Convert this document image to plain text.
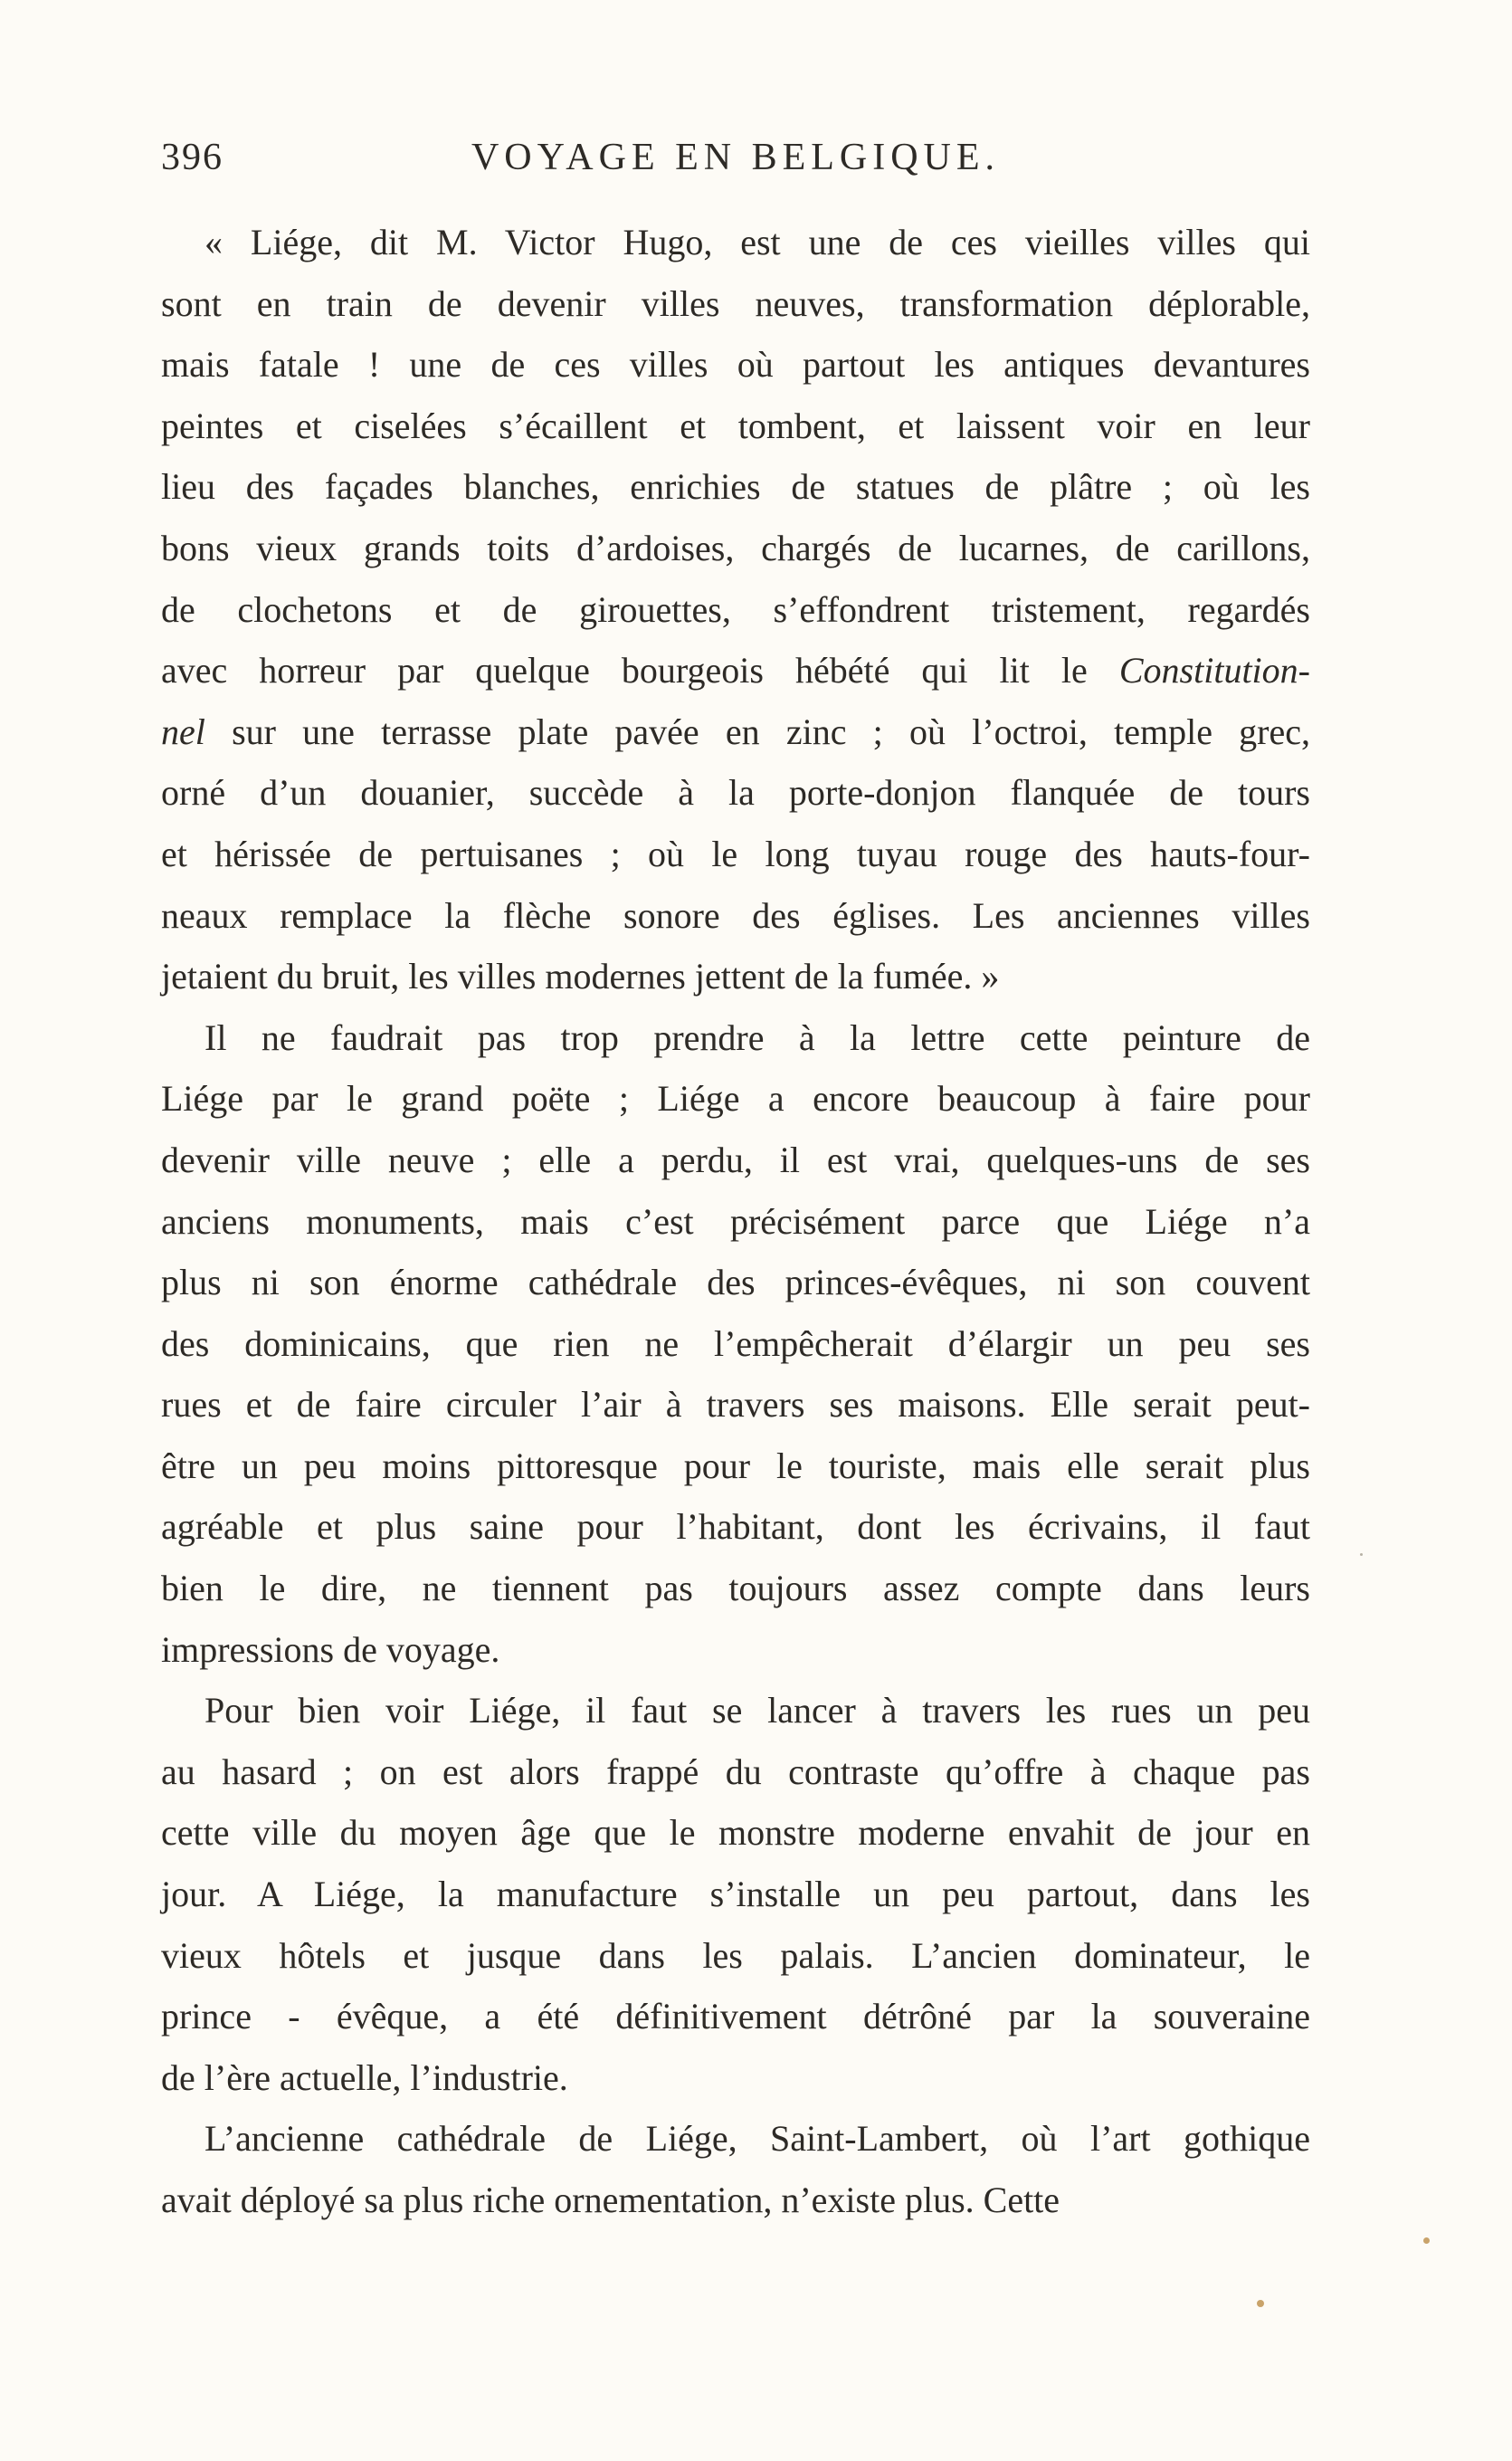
396	VOYAGE EN BELGIQUE.
« Liége, dit M. Victor Hugo, est une de ces vieilles villes qui
sont en train de devenir villes neuves, transformation déplorable,
mais fatale ! une de ces villes où partout les antiques devantures
peintes et ciselées s’écaillent et tombent, et laissent voir en leur
lieu des façades blanches, enrichies de statues de plâtre ; où les
bons vieux grands toits d’ardoises, chargés de lucarnes, de carillons,
de clochetons et de girouettes, s’effondrent tristement, regardés
avec horreur par quelque bourgeois hébété qui lit le Constitution-
nel sur une terrasse plate pavée en zinc ; où l’octroi, temple grec,
orné d’un douanier, succède à la porte-donjon flanquée de tours
et hérissée de pertuisanes ; où le long tuyau rouge des hauts-four-
neaux remplace la flèche sonore des églises. Les anciennes villes
jetaient du bruit, les villes modernes jettent de la fumée. »
Il ne faudrait pas trop prendre à la lettre cette peinture de
Liége par le grand poëte ; Liége a encore beaucoup à faire pour
devenir ville neuve ; elle a perdu, il est vrai, quelques-uns de ses
anciens monuments, mais c’est précisément parce que Liége n’a
plus ni son énorme cathédrale des princes-évêques, ni son couvent
des dominicains, que rien ne l’empêcherait d’élargir un peu ses
rues et de faire circuler l’air à travers ses maisons. Elle serait peut-
être un peu moins pittoresque pour le touriste, mais elle serait plus
agréable et plus saine pour l’habitant, dont les écrivains, il faut
bien le dire, ne tiennent pas toujours assez compte dans leurs
impressions de voyage.
Pour bien voir Liége, il faut se lancer à travers les rues un peu
au hasard ; on est alors frappé du contraste qu’offre à chaque pas
cette ville du moyen âge que le monstre moderne envahit de jour en
jour. A Liége, la manufacture s’installe un peu partout, dans les
vieux hôtels et jusque dans les palais. L’ancien dominateur, le
prince - évêque, a été définitivement détrôné par la souveraine
de l’ère actuelle, l’industrie.
L’ancienne cathédrale de Liége, Saint-Lambert, où l’art gothique
avait déployé sa plus riche ornementation, n’existe plus. Cette
